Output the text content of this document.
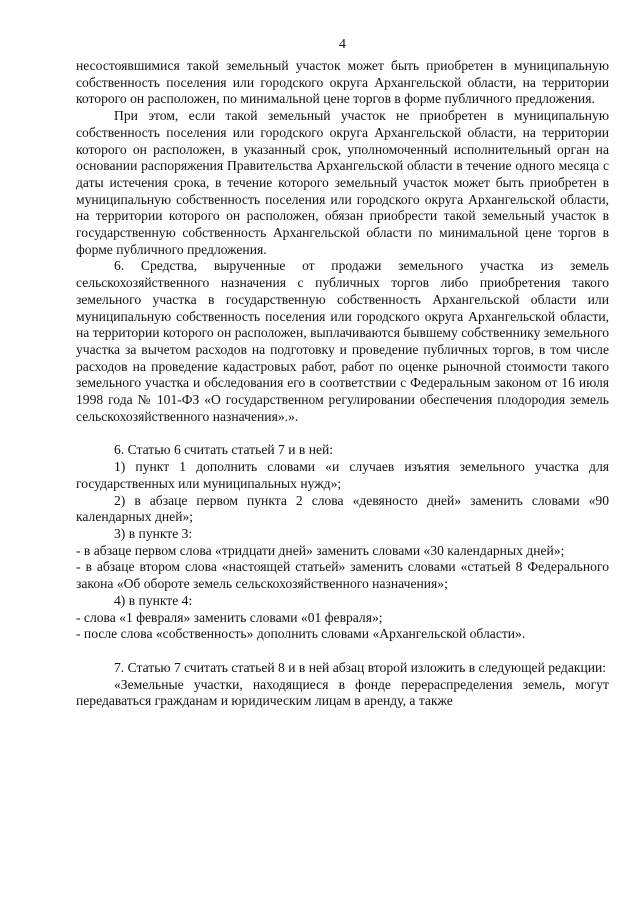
4

несостоявшимися такой земельный участок может быть приобретен в муниципальную собственность поселения или городского округа Архангельской области, на территории которого он расположен, по минимальной цене торгов в форме публичного предложения.

При этом, если такой земельный участок не приобретен в муниципальную собственность поселения или городского округа Архангельской области, на территории которого он расположен, в указанный срок, уполномоченный исполнительный орган на основании распоряжения Правительства Архангельской области в течение одного месяца с даты истечения срока, в течение которого земельный участок может быть приобретен в муниципальную собственность поселения или городского округа Архангельской области, на территории которого он расположен, обязан приобрести такой земельный участок в государственную собственность Архангельской области по минимальной цене торгов в форме публичного предложения.

6. Средства, вырученные от продажи земельного участка из земель сельскохозяйственного назначения с публичных торгов либо приобретения такого земельного участка в государственную собственность Архангельской области или муниципальную собственность поселения или городского округа Архангельской области, на территории которого он расположен, выплачиваются бывшему собственнику земельного участка за вычетом расходов на подготовку и проведение публичных торгов, в том числе расходов на проведение кадастровых работ, работ по оценке рыночной стоимости такого земельного участка и обследования его в соответствии с Федеральным законом от 16 июля 1998 года № 101-ФЗ «О государственном регулировании обеспечения плодородия земель сельскохозяйственного назначения».».

6. Статью 6 считать статьей 7 и в ней:

1) пункт 1 дополнить словами «и случаев изъятия земельного участка для государственных или муниципальных нужд»;

2) в абзаце первом пункта 2 слова «девяносто дней» заменить словами «90 календарных дней»;

3) в пункте 3:

- в абзаце первом слова «тридцати дней» заменить словами «30 календарных дней»;

- в абзаце втором слова «настоящей статьей» заменить словами «статьей 8 Федерального закона «Об обороте земель сельскохозяйственного назначения»;

4) в пункте 4:

- слова «1 февраля» заменить словами «01 февраля»;

- после слова «собственность» дополнить словами «Архангельской области».

7. Статью 7 считать статьей 8 и в ней абзац второй изложить в следующей редакции:

«Земельные участки, находящиеся в фонде перераспределения земель, могут передаваться гражданам и юридическим лицам в аренду, а также
